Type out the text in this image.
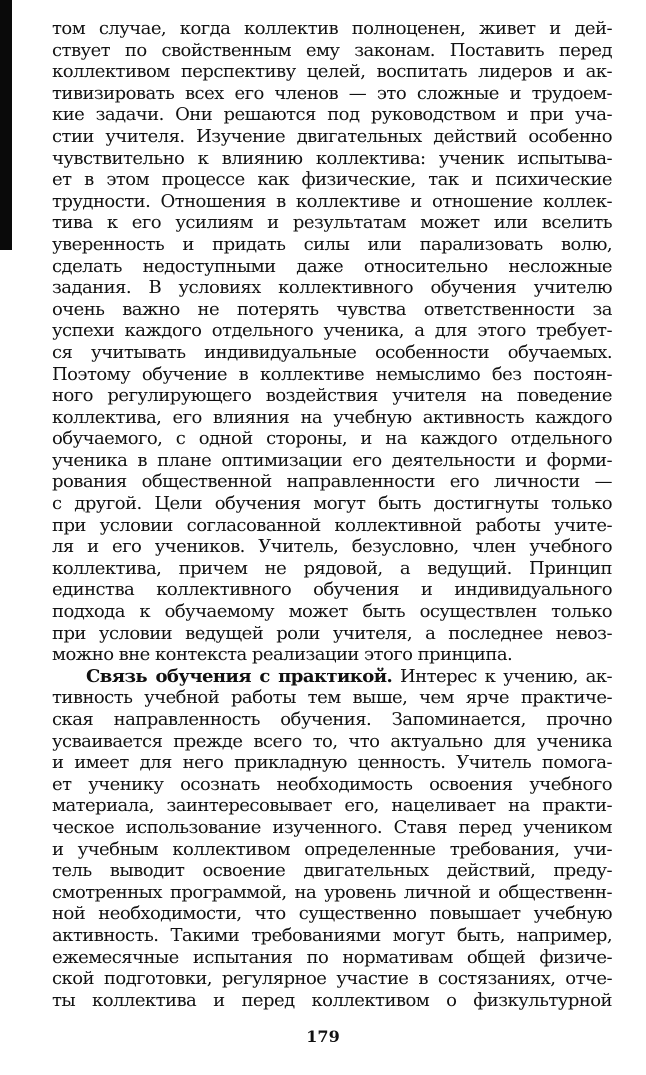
том случае, когда коллектив полноценен, живет и дей-
ствует по свойственным ему законам. Поставить перед
коллективом перспективу целей, воспитать лидеров и ак-
тивизировать всех его членов — это сложные и трудоем-
кие задачи. Они решаются под руководством и при уча-
стии учителя. Изучение двигательных действий особенно
чувствительно к влиянию коллектива: ученик испытыва-
ет в этом процессе как физические, так и психические
трудности. Отношения в коллективе и отношение коллек-
тива к его усилиям и результатам может или вселить
уверенность и придать силы или парализовать волю,
сделать недоступными даже относительно несложные
задания. В условиях коллективного обучения учителю
очень важно не потерять чувства ответственности за
успехи каждого отдельного ученика, а для этого требует-
ся учитывать индивидуальные особенности обучаемых.
Поэтому обучение в коллективе немыслимо без постоян-
ного регулирующего воздействия учителя на поведение
коллектива, его влияния на учебную активность каждого
обучаемого, с одной стороны, и на каждого отдельного
ученика в плане оптимизации его деятельности и форми-
рования общественной направленности его личности —
с другой. Цели обучения могут быть достигнуты только
при условии согласованной коллективной работы учите-
ля и его учеников. Учитель, безусловно, член учебного
коллектива, причем не рядовой, а ведущий. Принцип
единства коллективного обучения и индивидуального
подхода к обучаемому может быть осуществлен только
при условии ведущей роли учителя, а последнее невоз-
можно вне контекста реализации этого принципа.
Связь обучения с практикой. Интерес к учению, ак-
тивность учебной работы тем выше, чем ярче практиче-
ская направленность обучения. Запоминается, прочно
усваивается прежде всего то, что актуально для ученика
и имеет для него прикладную ценность. Учитель помога-
ет ученику осознать необходимость освоения учебного
материала, заинтересовывает его, нацеливает на практи-
ческое использование изученного. Ставя перед учеником
и учебным коллективом определенные требования, учи-
тель выводит освоение двигательных действий, преду-
смотренных программой, на уровень личной и общественн-
ной необходимости, что существенно повышает учебную
активность. Такими требованиями могут быть, например,
ежемесячные испытания по нормативам общей физиче-
ской подготовки, регулярное участие в состязаниях, отче-
ты коллектива и перед коллективом о физкультурной
179
